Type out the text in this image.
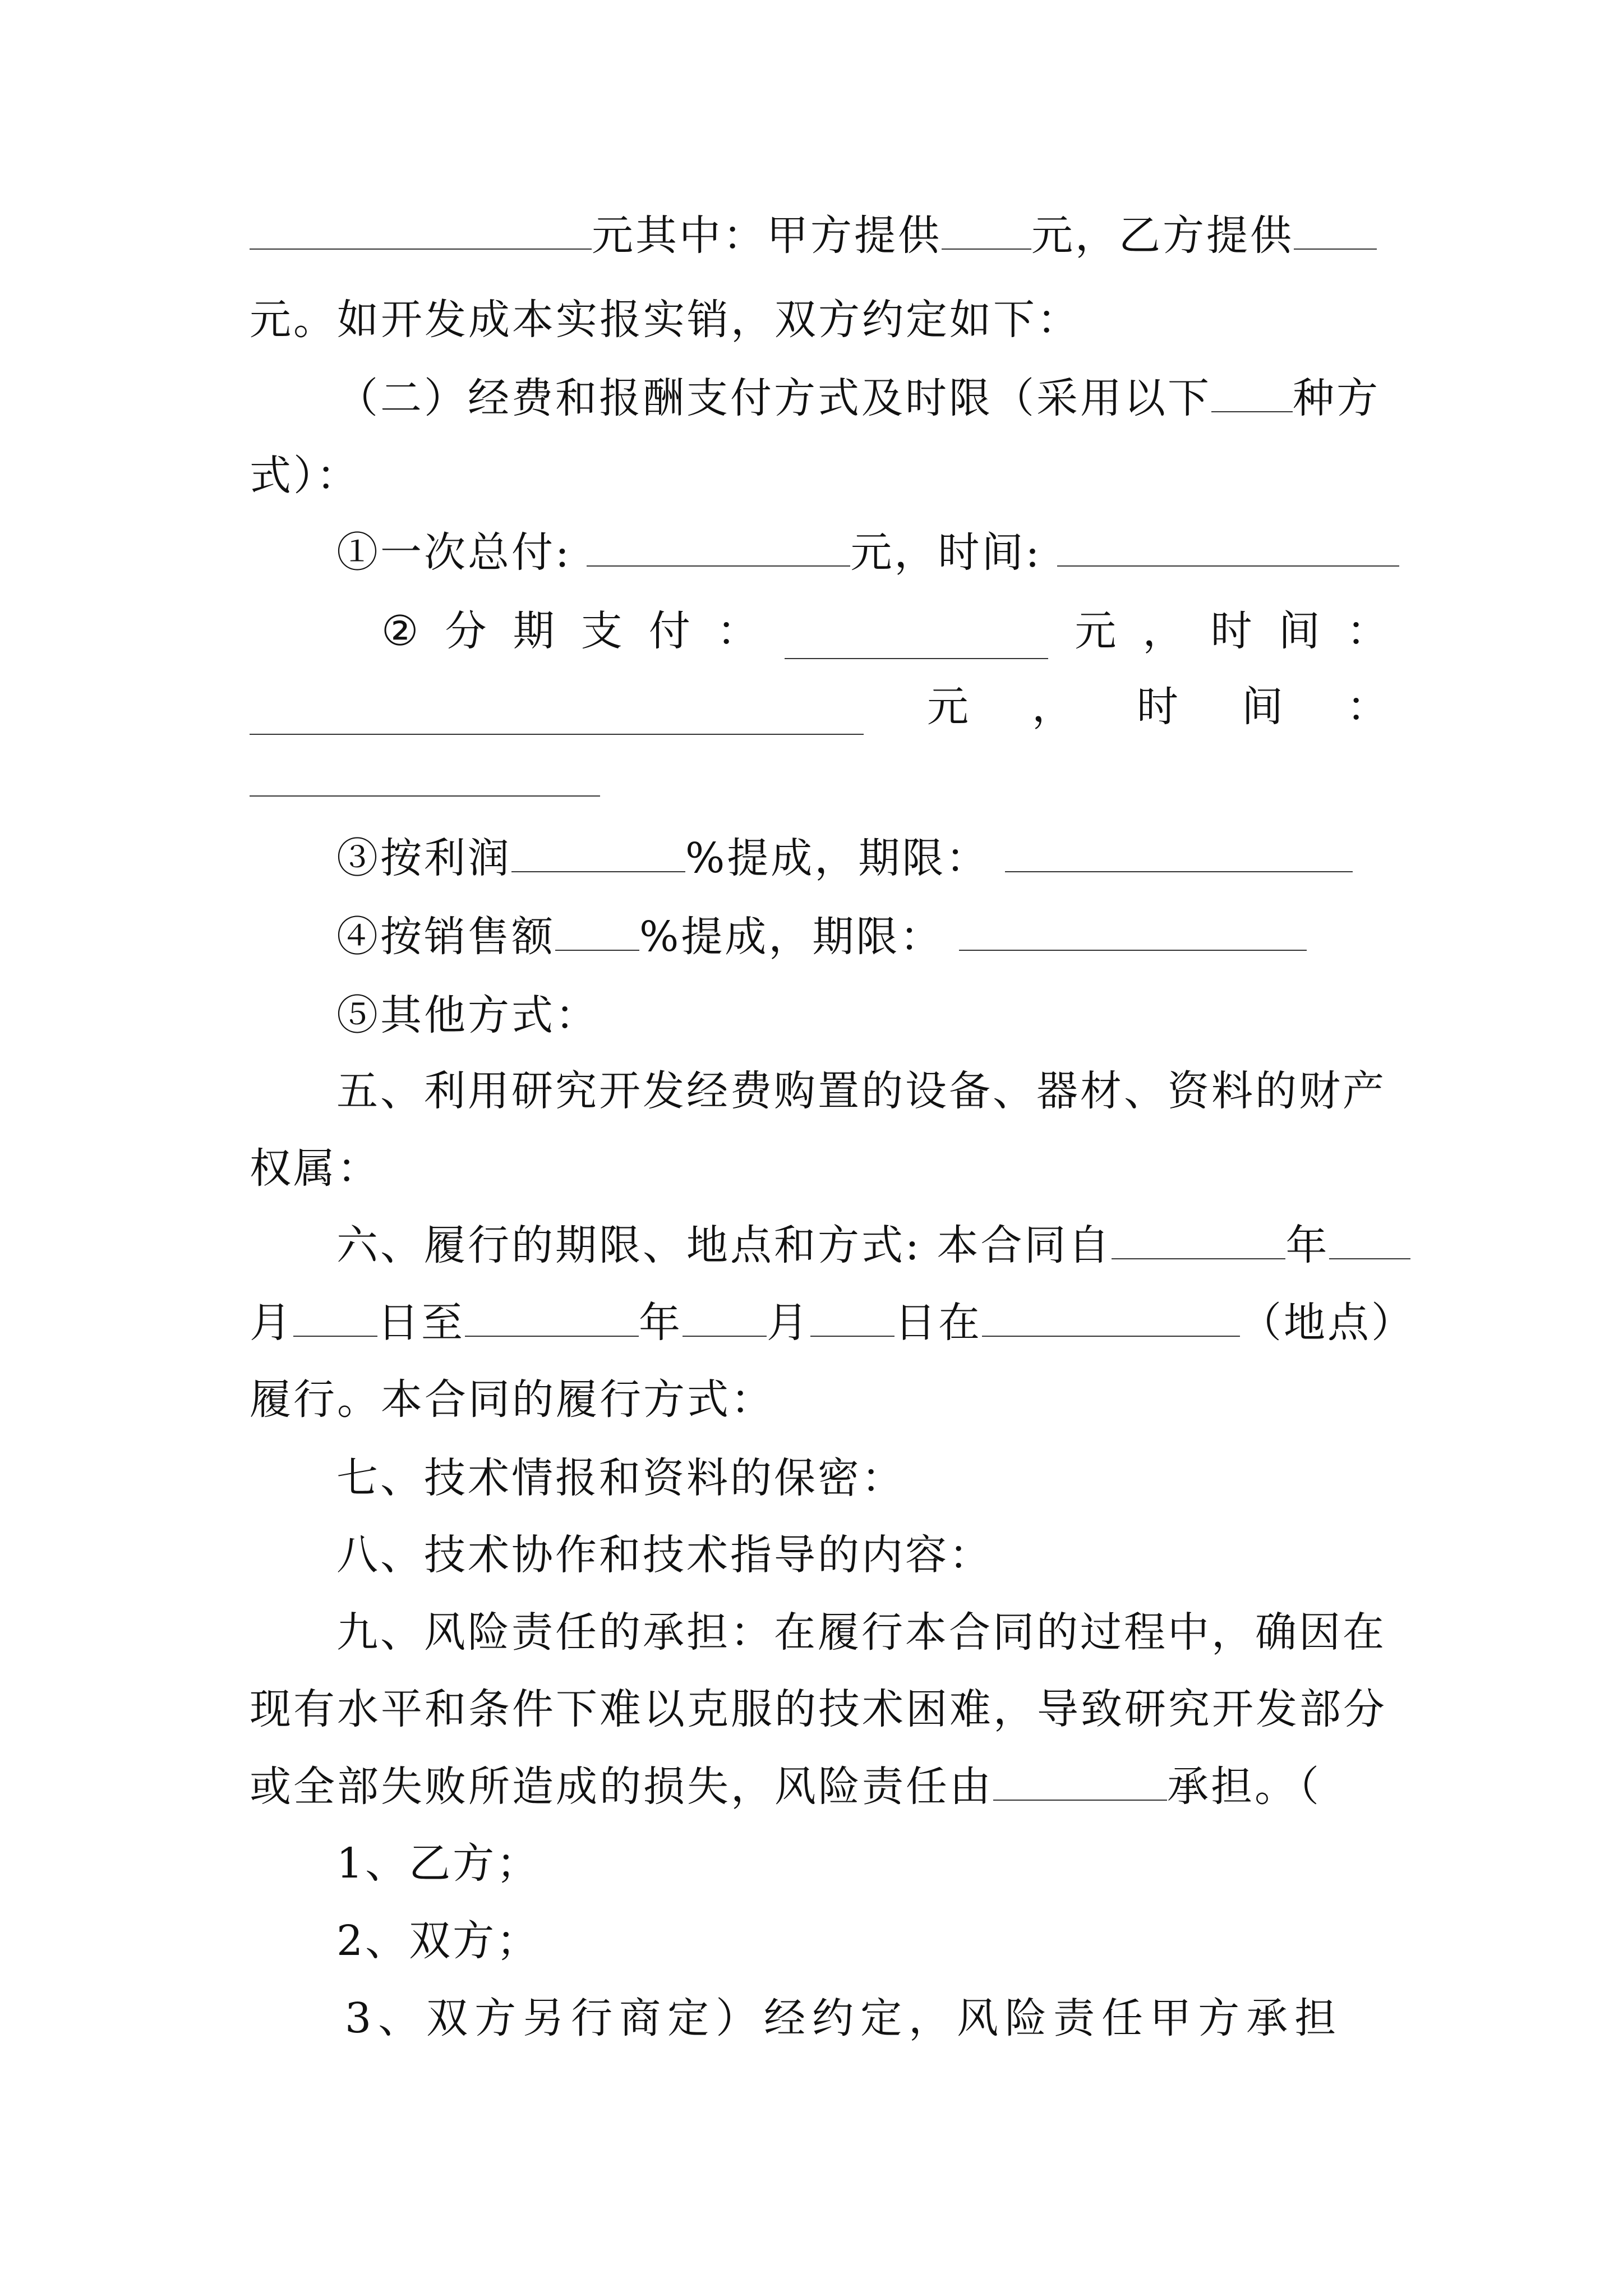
元其中：甲方提供 元，乙方提供
元。如开发成本实报实销，双方约定如下：
（二）经费和报酬支付方式及时限（采用以下 种方
式）：
①一次总付:	元，时间:
② 分 期 支 付 ：	元 ， 时 间 ：
元 ， 时 间 ：
③按利润	%提成，期限：
④按销售额 %提成，期限：
⑤其他方式：
五、利用研究开发经费购置的设备、器材、资料的财产
权属：
六、履行的期限、地点和方式: 本合同自	年
月 日至	年 月 日在	（地点）
履行。本合同的履行方式：
七、技术情报和资料的保密：
八、技术协作和技术指导的内容：
九、风险责任的承担：在履行本合同的过程中，确因在
现有水平和条件下难以克服的技术困难，导致研究开发部分
或全部失败所造成的损失，风险责任由	承担。（
1、乙方；
2、双方；
3、双方另行商定）经约定，风险责任甲方承担
